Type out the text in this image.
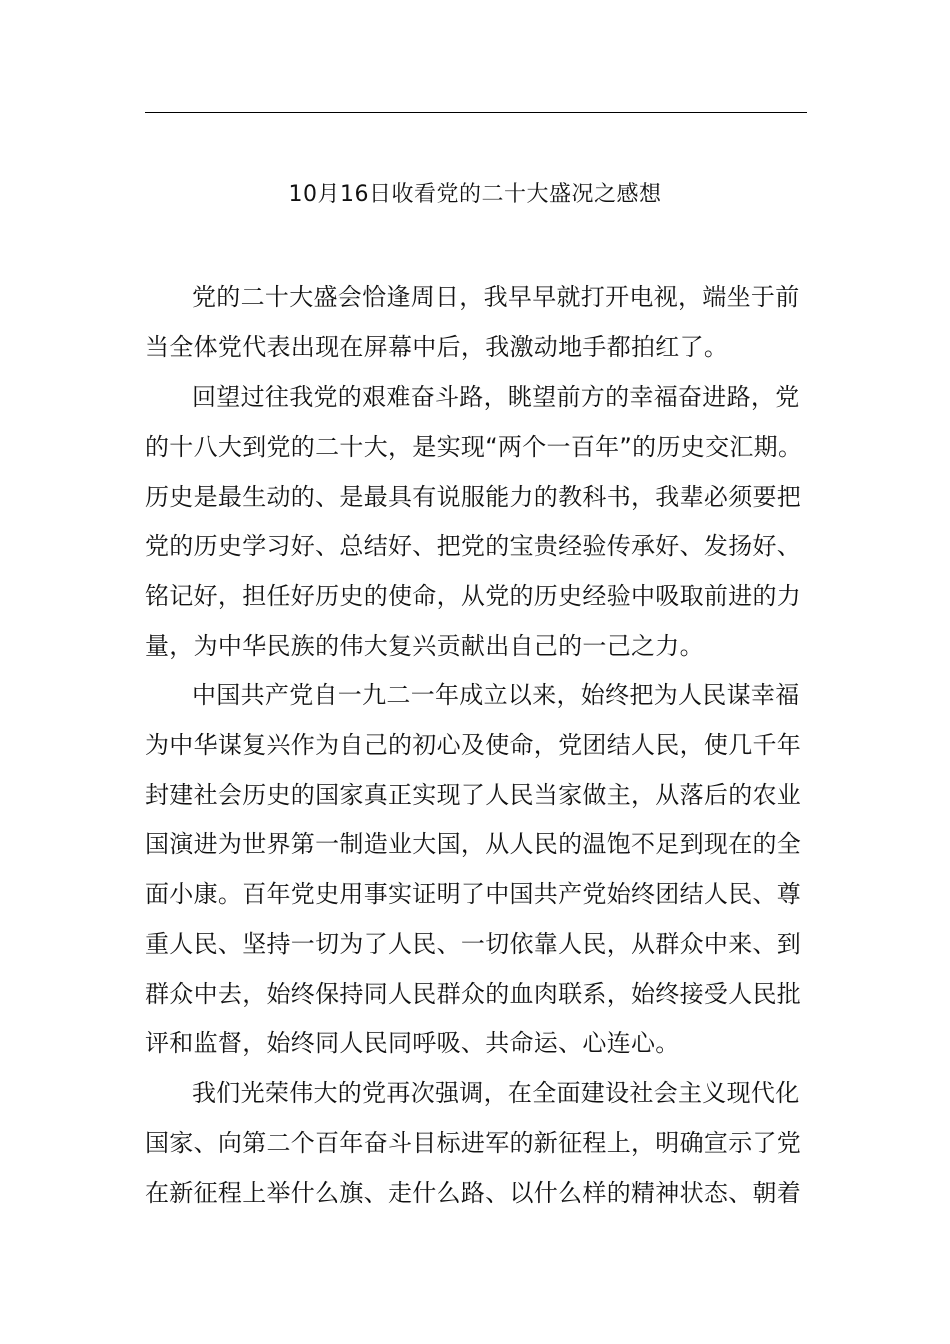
10月16日收看党的二十大盛况之感想
党的二十大盛会恰逢周日，我早早就打开电视，端坐于前
当全体党代表出现在屏幕中后，我激动地手都拍红了。
回望过往我党的艰难奋斗路，眺望前方的幸福奋进路，党
的十八大到党的二十大，是实现“两个一百年”的历史交汇期。
历史是最生动的、是最具有说服能力的教科书，我辈必须要把
党的历史学习好、总结好、把党的宝贵经验传承好、发扬好、
铭记好，担任好历史的使命，从党的历史经验中吸取前进的力
量，为中华民族的伟大复兴贡献出自己的一己之力。
中国共产党自一九二一年成立以来，始终把为人民谋幸福
为中华谋复兴作为自己的初心及使命，党团结人民，使几千年
封建社会历史的国家真正实现了人民当家做主，从落后的农业
国演进为世界第一制造业大国，从人民的温饱不足到现在的全
面小康。百年党史用事实证明了中国共产党始终团结人民、尊
重人民、坚持一切为了人民、一切依靠人民，从群众中来、到
群众中去，始终保持同人民群众的血肉联系，始终接受人民批
评和监督，始终同人民同呼吸、共命运、心连心。
我们光荣伟大的党再次强调，在全面建设社会主义现代化
国家、向第二个百年奋斗目标进军的新征程上，明确宣示了党
在新征程上举什么旗、走什么路、以什么样的精神状态、朝着
